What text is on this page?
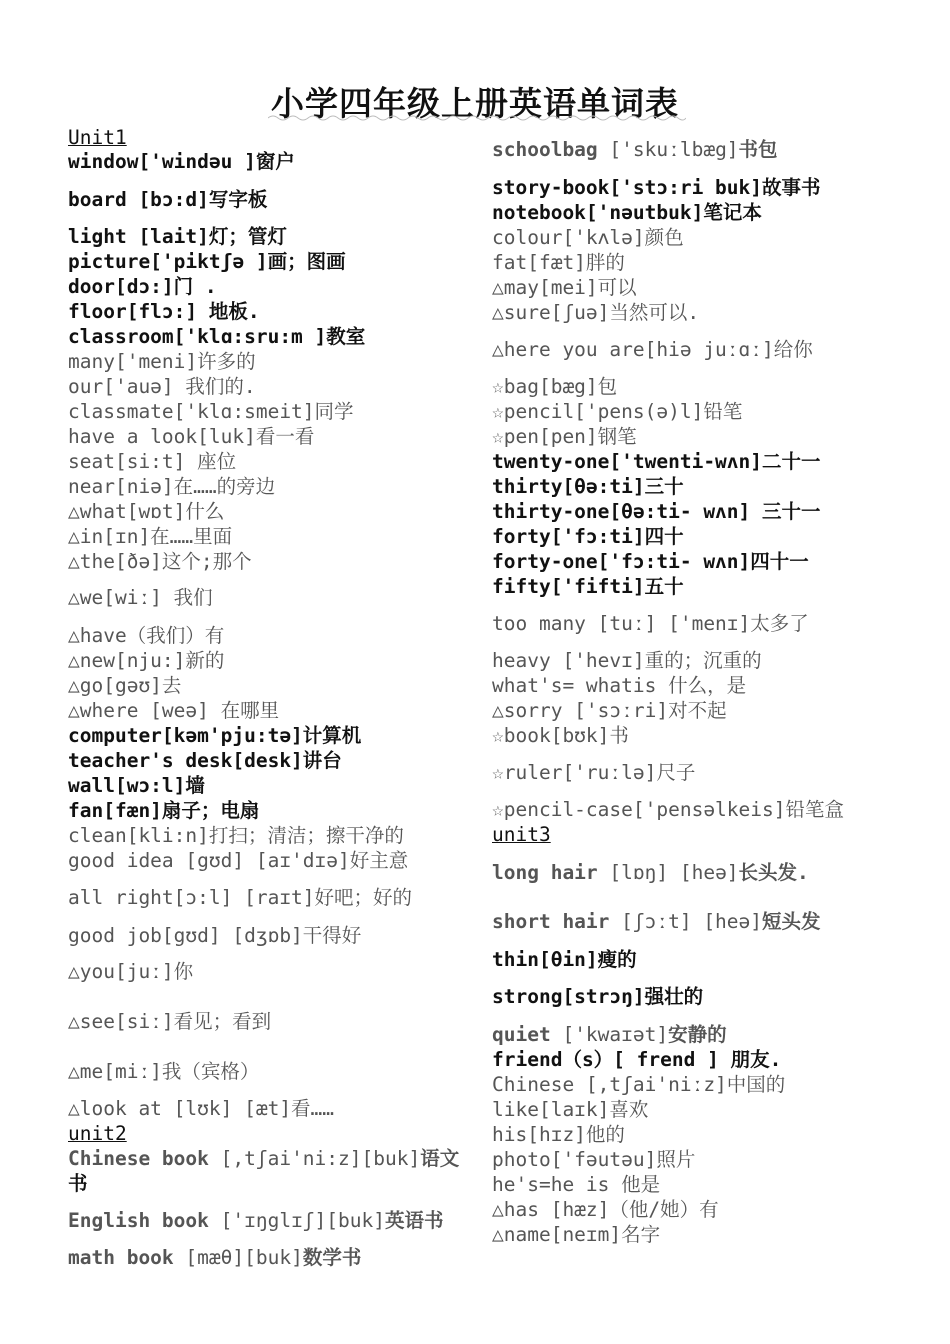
小学四年级上册英语单词表
Unit1
window['windəu ]窗户
board [bɔ:d]写字板
light [lait]灯；管灯
picture['piktʃə ]画；图画
door[dɔ:]门 .
floor[flɔ:] 地板.
classroom['klɑ:sru:m ]教室
many['meni]许多的
our['auə] 我们的.
classmate['klɑ:smeit]同学
have a look[luk]看一看
seat[si:t] 座位
near[niə]在……的旁边
△what[wɒt]什么
△in[ɪn]在……里面
△the[ðə]这个;那个
△we[wiː] 我们
△have（我们）有
△new[nju:]新的
△go[gəʊ]去
△where [weə] 在哪里
computer[kəm'pju:tə]计算机
teacher's desk[desk]讲台
wall[wɔ:l]墙
fan[fæn]扇子；电扇
clean[kli:n]打扫；清洁；擦干净的
good idea [gʊd] [aɪ'dɪə]好主意
all right[ɔ:l] [raɪt]好吧；好的
good job[gʊd] [dʒɒb]干得好
△you[juː]你
△see[siː]看见；看到
△me[miː]我（宾格）
△look at [lʊk] [æt]看……
unit2
Chinese book [,tʃai'ni:z][buk]语文
书
English book ['ɪŋglɪʃ][buk]英语书
math book [mæθ][buk]数学书
schoolbag ['skuːlbæg]书包
story-book['stɔ:ri buk]故事书
notebook['nəutbuk]笔记本
colour['kʌlə]颜色
fat[fæt]胖的
△may[mei]可以
△sure[ʃuə]当然可以.
△here you are[hiə juːɑː]给你
☆bag[bæg]包
☆pencil['pens(ə)l]铅笔
☆pen[pen]钢笔
twenty-one['twenti-wʌn]二十一
thirty[θə:ti]三十
thirty-one[θə:ti- wʌn] 三十一
forty['fɔ:ti]四十
forty-one['fɔ:ti- wʌn]四十一
fifty['fifti]五十
too many [tuː] ['menɪ]太多了
heavy ['hevɪ]重的；沉重的
what's= whatis 什么，是
△sorry ['sɔːri]对不起
☆book[bʊk]书
☆ruler['ruːlə]尺子
☆pencil-case['pensəlkeis]铅笔盒
unit3
long hair [lɒŋ] [heə]长头发.
short hair [ʃɔːt] [heə]短头发
thin[θin]瘦的
strong[strɔŋ]强壮的
quiet ['kwaɪət]安静的
friend（s）[ frend ] 朋友.
Chinese [,tʃai'niːz]中国的
like[laɪk]喜欢
his[hɪz]他的
photo['fəutəu]照片
he's=he is 他是
△has [hæz]（他/她）有
△name[neɪm]名字
